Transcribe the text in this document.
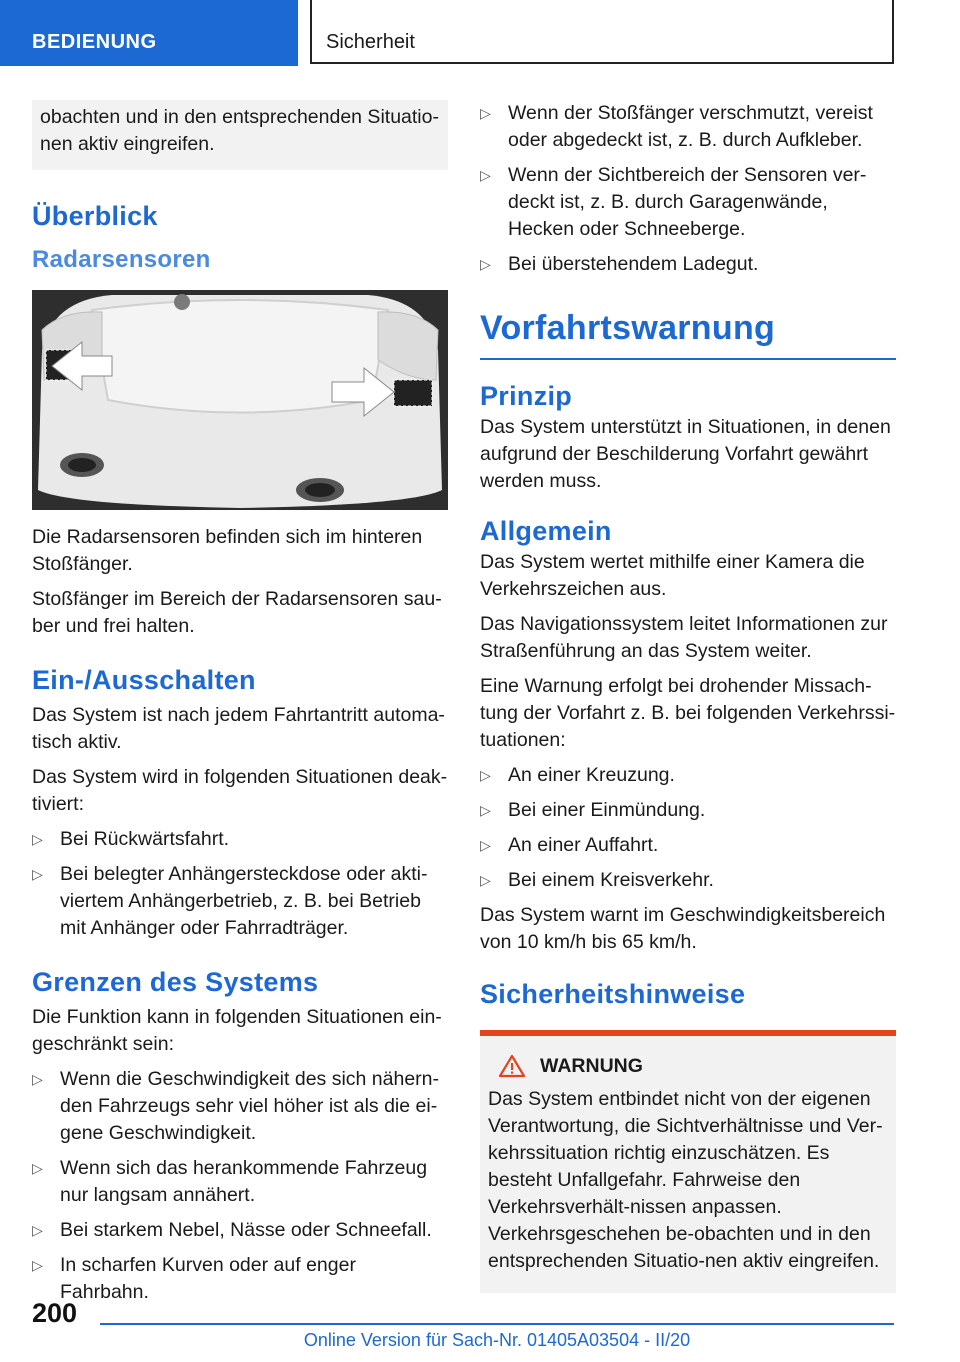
BEDIENUNG	Sicherheit

obachten und in den entsprechenden Situatio-nen aktiv eingreifen.

Überblick
Radarsensoren

Die Radarsensoren befinden sich im hinteren Stoßfänger.

Stoßfänger im Bereich der Radarsensoren sau-ber und frei halten.

Ein-/Ausschalten

Das System ist nach jedem Fahrtantritt automa-tisch aktiv.

Das System wird in folgenden Situationen deak-tiviert:

▷ Bei Rückwärtsfahrt.
▷ Bei belegter Anhängersteckdose oder akti-viertem Anhängerbetrieb, z. B. bei Betrieb mit Anhänger oder Fahrradträger.
Grenzen des Systems

Die Funktion kann in folgenden Situationen ein-geschränkt sein:

▷ Wenn die Geschwindigkeit des sich nähern-den Fahrzeugs sehr viel höher ist als die ei-gene Geschwindigkeit.
▷ Wenn sich das herankommende Fahrzeug nur langsam annähert.
▷ Bei starkem Nebel, Nässe oder Schneefall.
▷ In scharfen Kurven oder auf enger Fahrbahn.
▷ Wenn der Stoßfänger verschmutzt, vereist oder abgedeckt ist, z. B. durch Aufkleber.
▷ Wenn der Sichtbereich der Sensoren ver-deckt ist, z. B. durch Garagenwände, Hecken oder Schneeberge.
▷ Bei überstehendem Ladegut.
Vorfahrtswarnung
Prinzip

Das System unterstützt in Situationen, in denen aufgrund der Beschilderung Vorfahrt gewährt werden muss.

Allgemein

Das System wertet mithilfe einer Kamera die Verkehrszeichen aus.

Das Navigationssystem leitet Informationen zur Straßenführung an das System weiter.

Eine Warnung erfolgt bei drohender Missach-tung der Vorfahrt z. B. bei folgenden Verkehrssi-tuationen:

▷ An einer Kreuzung.
▷ Bei einer Einmündung.
▷ An einer Auffahrt.
▷ Bei einem Kreisverkehr.

Das System warnt im Geschwindigkeitsbereich von 10 km/h bis 65 km/h.

Sicherheitshinweise
WARNUNG

Das System entbindet nicht von der eigenen Verantwortung, die Sichtverhältnisse und Ver-kehrssituation richtig einzuschätzen. Es besteht Unfallgefahr. Fahrweise den Verkehrsverhält-nissen anpassen. Verkehrsgeschehen be-obachten und in den entsprechenden Situatio-nen aktiv eingreifen.

200
Online Version für Sach-Nr. 01405A03504 - II/20
